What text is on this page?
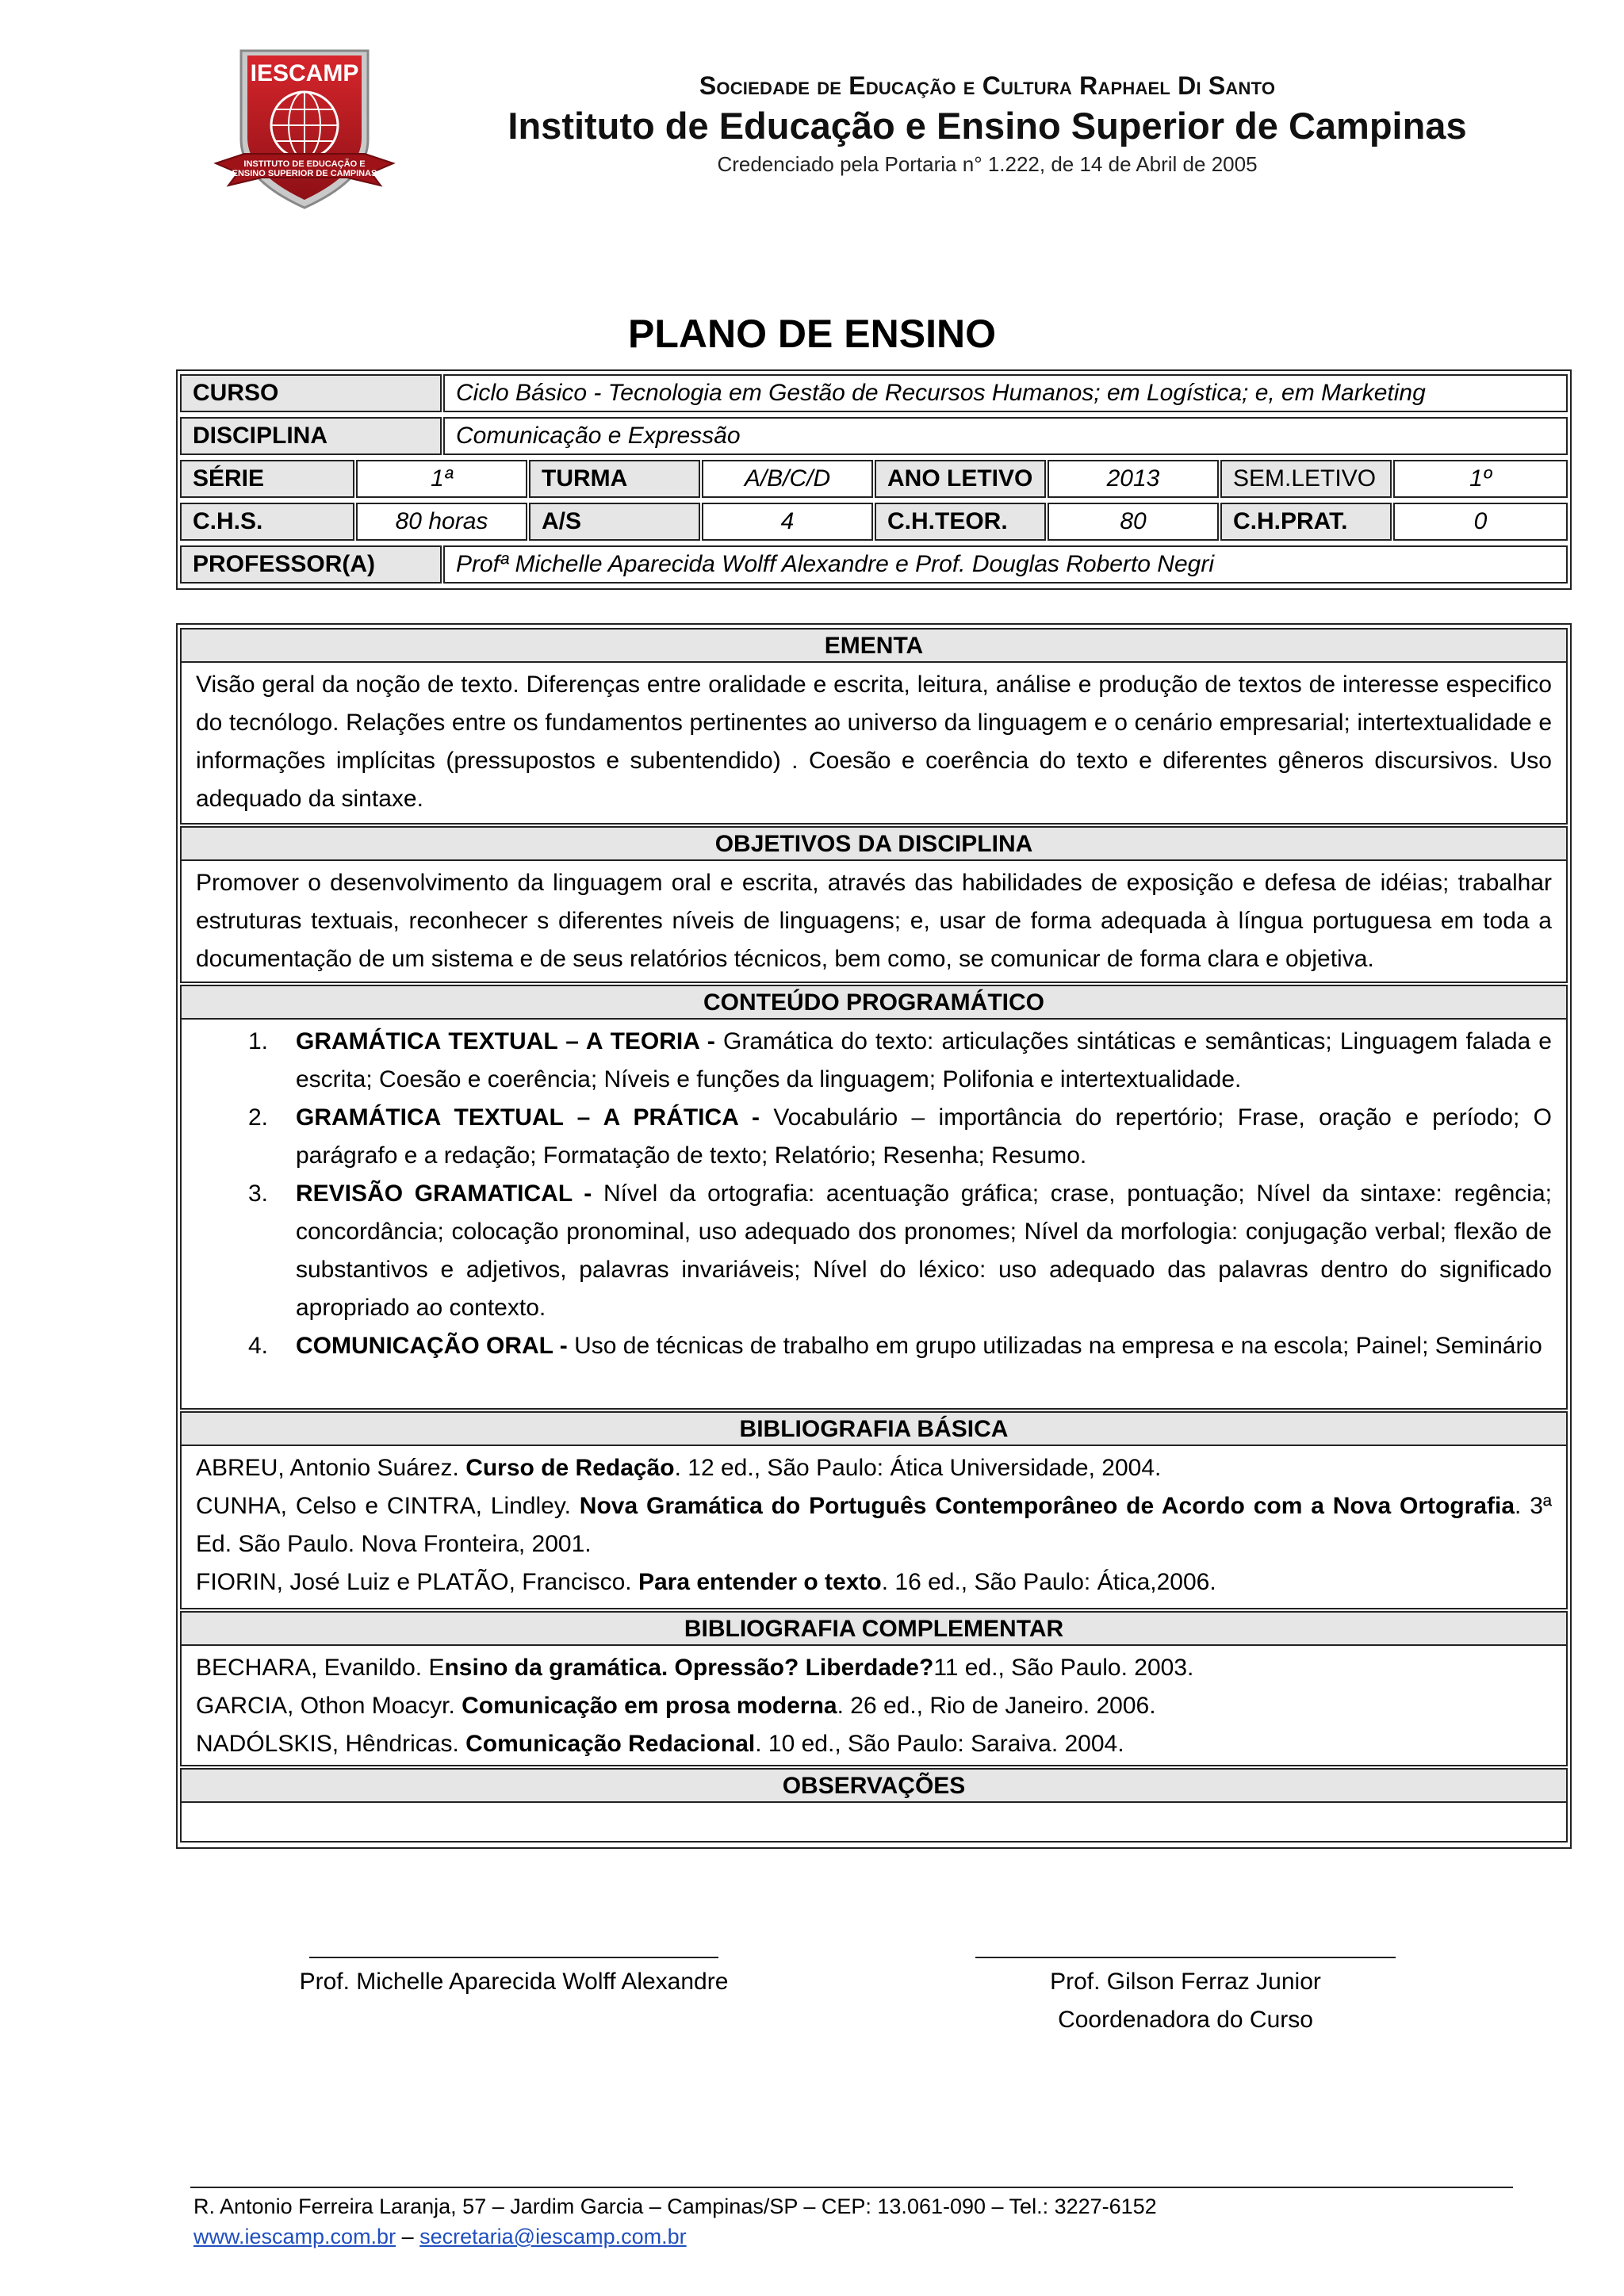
IESCAMP
INSTITUTO DE EDUCAÇÃO E
ENSINO SUPERIOR DE CAMPINAS
Sociedade de Educação e Cultura Raphael Di Santo
Instituto de Educação e Ensino Superior de Campinas
Credenciado pela Portaria n° 1.222, de 14 de Abril de 2005
PLANO DE ENSINO
CURSO	Ciclo Básico - Tecnologia em Gestão de Recursos Humanos; em Logística; e, em Marketing
DISCIPLINA	Comunicação e Expressão
SÉRIE	1ª	TURMA	A/B/C/D	ANO LETIVO	2013	SEM.LETIVO	1º
C.H.S.	80 horas	A/S	4	C.H.TEOR.	80	C.H.PRAT.	0
PROFESSOR(A)	Profª Michelle Aparecida Wolff Alexandre e Prof. Douglas Roberto Negri
EMENTA

Visão geral da noção de texto. Diferenças entre oralidade e escrita, leitura, análise e produção de textos de interesse especifico do tecnólogo. Relações entre os fundamentos pertinentes ao universo da linguagem e o cenário empresarial; intertextualidade e informações implícitas (pressupostos e subentendido) . Coesão e coerência do texto e diferentes gêneros discursivos. Uso adequado da sintaxe.

OBJETIVOS DA DISCIPLINA

Promover o desenvolvimento da linguagem oral e escrita, através das habilidades de exposição e defesa de idéias; trabalhar estruturas textuais, reconhecer s diferentes níveis de linguagens; e, usar de forma adequada à língua portuguesa em toda a documentação de um sistema e de seus relatórios técnicos, bem como, se comunicar de forma clara e objetiva.

CONTEÚDO PROGRAMÁTICO
1. GRAMÁTICA TEXTUAL – A TEORIA - Gramática do texto: articulações sintáticas e semânticas; Linguagem falada e escrita; Coesão e coerência; Níveis e funções da linguagem; Polifonia e intertextualidade.
2. GRAMÁTICA TEXTUAL – A PRÁTICA - Vocabulário – importância do repertório; Frase, oração e período; O parágrafo e a redação; Formatação de texto; Relatório; Resenha; Resumo.
3. REVISÃO GRAMATICAL - Nível da ortografia: acentuação gráfica; crase, pontuação; Nível da sintaxe: regência; concordância; colocação pronominal, uso adequado dos pronomes; Nível da morfologia: conjugação verbal; flexão de substantivos e adjetivos, palavras invariáveis; Nível do léxico: uso adequado das palavras dentro do significado apropriado ao contexto.
4. COMUNICAÇÃO ORAL - Uso de técnicas de trabalho em grupo utilizadas na empresa e na escola; Painel; Seminário
BIBLIOGRAFIA BÁSICA

ABREU, Antonio Suárez. Curso de Redação. 12 ed., São Paulo: Ática Universidade, 2004.

CUNHA, Celso e CINTRA, Lindley. Nova Gramática do Português Contemporâneo de Acordo com a Nova Ortografia. 3ª Ed. São Paulo. Nova Fronteira, 2001.

FIORIN, José Luiz e PLATÃO, Francisco. Para entender o texto. 16 ed., São Paulo: Ática,2006.

BIBLIOGRAFIA COMPLEMENTAR

BECHARA, Evanildo. Ensino da gramática. Opressão? Liberdade?11 ed., São Paulo. 2003.

GARCIA, Othon Moacyr. Comunicação em prosa moderna. 26 ed., Rio de Janeiro. 2006.

NADÓLSKIS, Hêndricas. Comunicação Redacional. 10 ed., São Paulo: Saraiva. 2004.

OBSERVAÇÕES
Prof. Michelle Aparecida Wolff Alexandre	Prof. Gilson Ferraz Junior
Coordenadora do Curso
R. Antonio Ferreira Laranja, 57 – Jardim Garcia – Campinas/SP – CEP: 13.061-090 – Tel.: 3227-6152
www.iescamp.com.br – secretaria@iescamp.com.br
